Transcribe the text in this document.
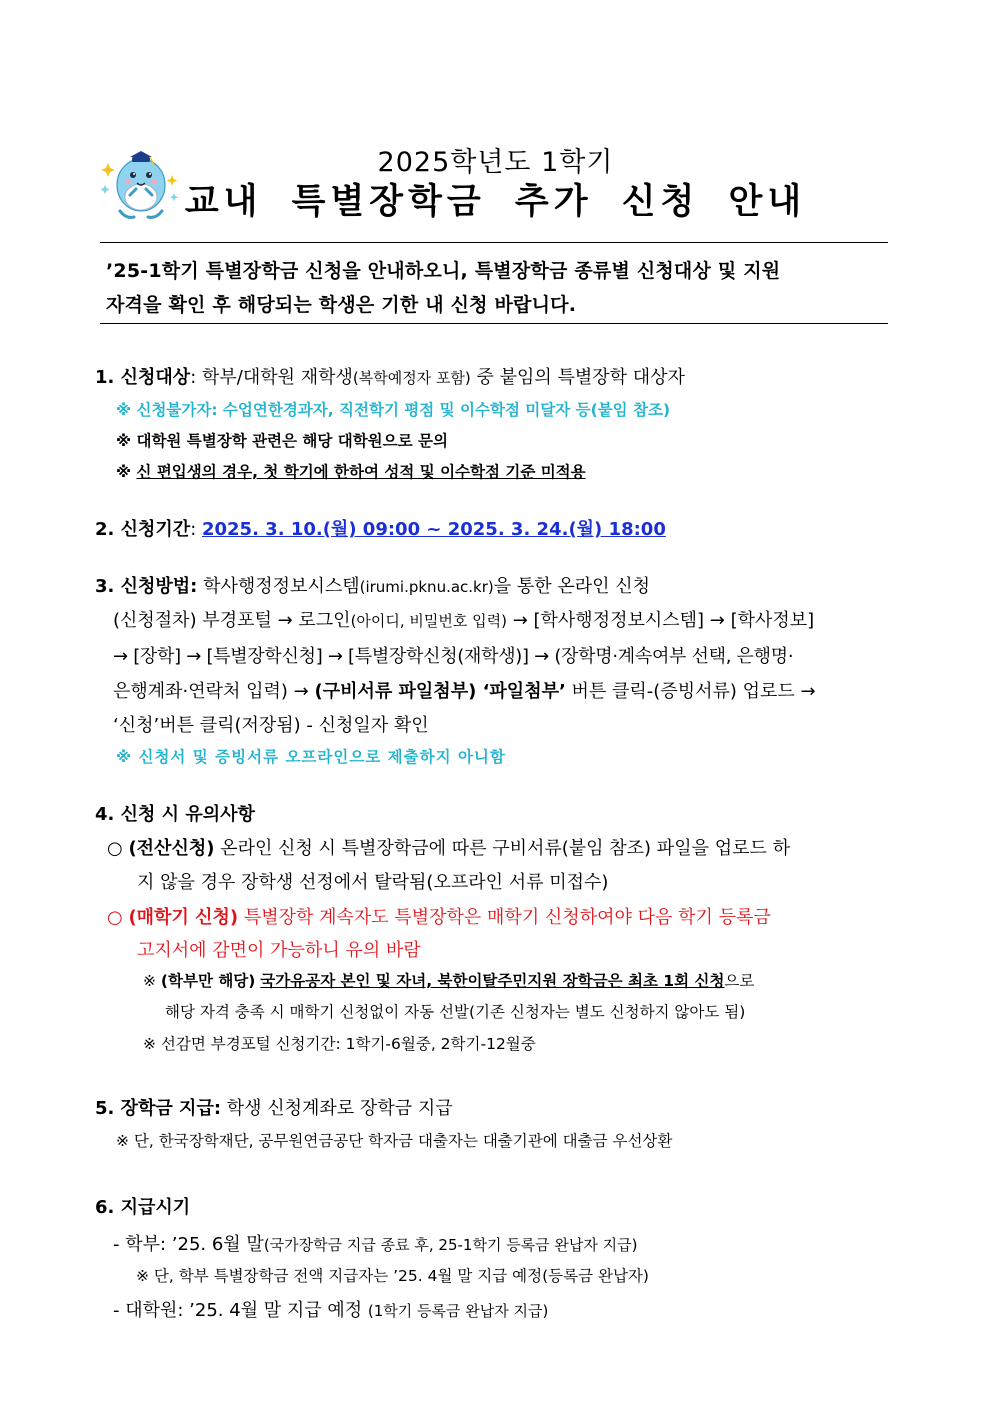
2025학년도 1학기
교내 특별장학금 추가 신청 안내

’25-1학기 특별장학금 신청을 안내하오니, 특별장학금 종류별 신청대상 및 지원

자격을 확인 후 해당되는 학생은 기한 내 신청 바랍니다.

1. 신청대상: 학부/대학원 재학생(복학예정자 포함) 중 붙임의 특별장학 대상자
※ 신청불가자: 수업연한경과자, 직전학기 평점 및 이수학점 미달자 등(붙임 참조)
※ 대학원 특별장학 관련은 해당 대학원으로 문의
※ 신 편입생의 경우, 첫 학기에 한하여 성적 및 이수학점 기준 미적용
2. 신청기간: 2025. 3. 10.(월) 09:00 ~ 2025. 3. 24.(월) 18:00
3. 신청방법: 학사행정정보시스템(irumi.pknu.ac.kr)을 통한 온라인 신청
(신청절차) 부경포털 → 로그인(아이디, 비밀번호 입력) → [학사행정정보시스템] → [학사정보]
→ [장학] → [특별장학신청] → [특별장학신청(재학생)] → (장학명·계속여부 선택, 은행명·
은행계좌·연락처 입력) → (구비서류 파일첨부) ‘파일첨부’ 버튼 클릭-(증빙서류) 업로드 →
‘신청’버튼 클릭(저장됨) - 신청일자 확인
※ 신청서 및 증빙서류 오프라인으로 제출하지 아니함
4. 신청 시 유의사항
○ (전산신청) 온라인 신청 시 특별장학금에 따른 구비서류(붙임 참조) 파일을 업로드 하
지 않을 경우 장학생 선정에서 탈락됨(오프라인 서류 미접수)
○ (매학기 신청) 특별장학 계속자도 특별장학은 매학기 신청하여야 다음 학기 등록금
고지서에 감면이 가능하니 유의 바람
※ (학부만 해당) 국가유공자 본인 및 자녀, 북한이탈주민지원 장학금은 최초 1회 신청으로
해당 자격 충족 시 매학기 신청없이 자동 선발(기존 신청자는 별도 신청하지 않아도 됨)
※ 선감면 부경포털 신청기간: 1학기-6월중, 2학기-12월중
5. 장학금 지급: 학생 신청계좌로 장학금 지급
※ 단, 한국장학재단, 공무원연금공단 학자금 대출자는 대출기관에 대출금 우선상환
6. 지급시기
- 학부: ’25. 6월 말(국가장학금 지급 종료 후, 25-1학기 등록금 완납자 지급)
※ 단, 학부 특별장학금 전액 지급자는 ’25. 4월 말 지급 예정(등록금 완납자)
- 대학원: ’25. 4월 말 지급 예정 (1학기 등록금 완납자 지급)
